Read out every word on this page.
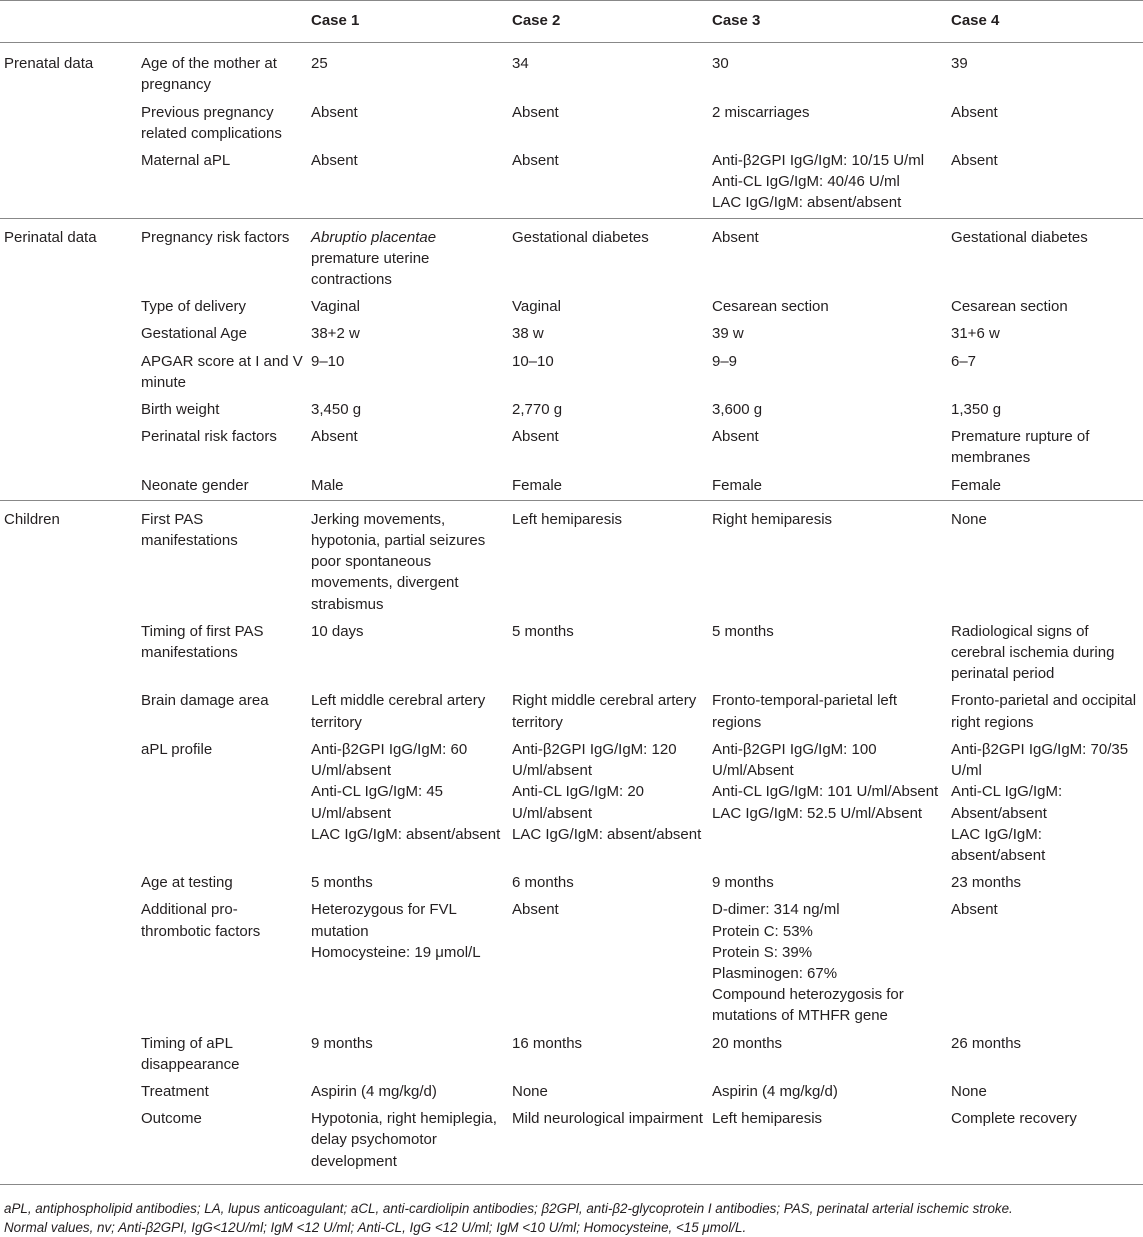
		Case 1	Case 2	Case 3	Case 4
Prenatal data	Age of the mother at pregnancy	25	34	30	39

	Previous pregnancy related complications	Absent	Absent	2 miscarriages	Absent

	Maternal aPL	Absent	Absent	Anti-β2GPI IgG/IgM: 10/15 U/ml
Anti-CL IgG/IgM: 40/46 U/ml
LAC IgG/IgM: absent/absent	Absent

Perinatal data	Pregnancy risk factors	Abruptio placentae
premature uterine contractions	Gestational diabetes	Absent	Gestational diabetes

	Type of delivery	Vaginal	Vaginal	Cesarean section	Cesarean section

	Gestational Age	38+2 w	38 w	39 w	31+6 w

	APGAR score at I and V minute	9–10	10–10	9–9	6–7

	Birth weight	3,450 g	2,770 g	3,600 g	1,350 g

	Perinatal risk factors	Absent	Absent	Absent	Premature rupture of membranes

	Neonate gender	Male	Female	Female	Female

Children	First PAS manifestations	Jerking movements, hypotonia, partial seizures poor spontaneous movements, divergent strabismus	Left hemiparesis	Right hemiparesis	None

	Timing of first PAS manifestations	10 days	5 months	5 months	Radiological signs of cerebral ischemia during perinatal period

	Brain damage area	Left middle cerebral artery territory	Right middle cerebral artery territory	Fronto-temporal-parietal left regions	Fronto-parietal and occipital right regions

	aPL profile	Anti-β2GPI IgG/IgM: 60 U/ml/absent
Anti-CL IgG/IgM: 45 U/ml/absent
LAC IgG/IgM: absent/absent	Anti-β2GPI IgG/IgM: 120 U/ml/absent
Anti-CL IgG/IgM: 20 U/ml/absent
LAC IgG/IgM: absent/absent	Anti-β2GPI IgG/IgM: 100 U/ml/Absent
Anti-CL IgG/IgM: 101 U/ml/Absent
LAC IgG/IgM: 52.5 U/ml/Absent	Anti-β2GPI IgG/IgM: 70/35 U/ml
Anti-CL IgG/IgM: Absent/absent
LAC IgG/IgM: absent/absent

	Age at testing	5 months	6 months	9 months	23 months

	Additional pro-thrombotic factors	Heterozygous for FVL mutation
Homocysteine: 19 μmol/L	Absent	D-dimer: 314 ng/ml
Protein C: 53%
Protein S: 39%
Plasminogen: 67%
Compound heterozygosis for mutations of MTHFR gene	Absent

	Timing of aPL disappearance	9 months	16 months	20 months	26 months

	Treatment	Aspirin (4 mg/kg/d)	None	Aspirin (4 mg/kg/d)	None

	Outcome	Hypotonia, right hemiplegia, delay psychomotor development	Mild neurological impairment	Left hemiparesis	Complete recovery
aPL, antiphospholipid antibodies; LA, lupus anticoagulant; aCL, anti-cardiolipin antibodies; β2GPl, anti-β2-glycoprotein I antibodies; PAS, perinatal arterial ischemic stroke.
Normal values, nv; Anti-β2GPI, IgG<12U/ml; IgM <12 U/ml; Anti-CL, IgG <12 U/ml; IgM <10 U/ml; Homocysteine, <15 μmol/L.
